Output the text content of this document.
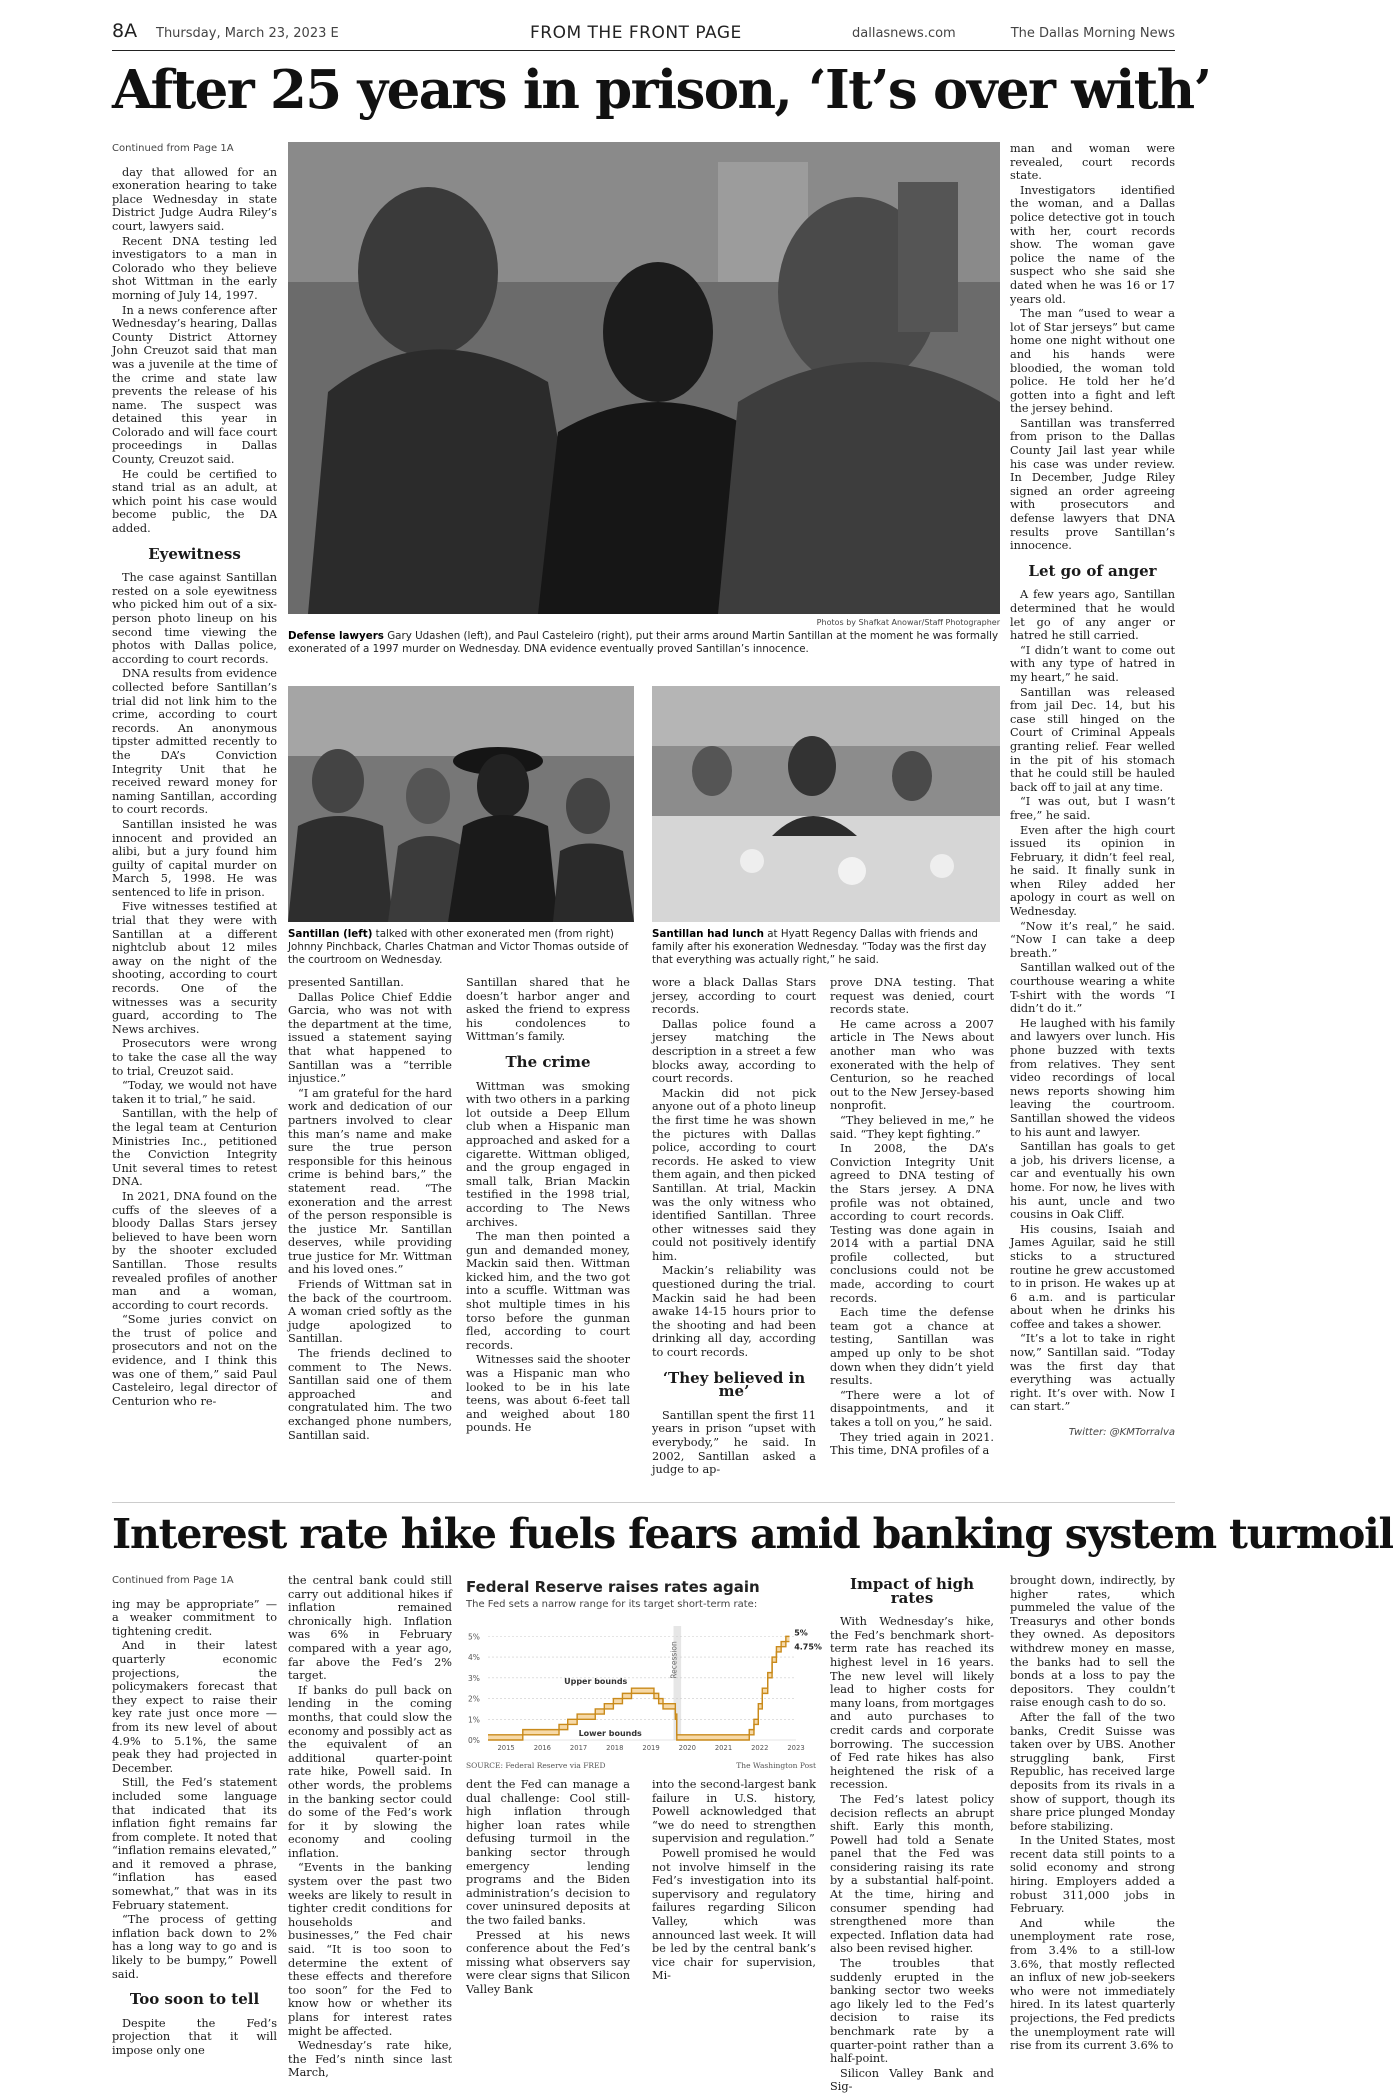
8A Thursday, March 23, 2023 E	FROM THE FRONT PAGE	dallasnews.com	The Dallas Morning News
After 25 years in prison, ‘It’s over with’

Continued from Page 1A

day that allowed for an exoneration hearing to take place Wednesday in state District Judge Audra Riley’s court, lawyers said.

Recent DNA testing led investigators to a man in Colorado who they believe shot Wittman in the early morning of July 14, 1997.

In a news conference after Wednesday’s hearing, Dallas County District Attorney John Creuzot said that man was a juvenile at the time of the crime and state law prevents the release of his name. The suspect was detained this year in Colorado and will face court proceedings in Dallas County, Creuzot said.

He could be certified to stand trial as an adult, at which point his case would become public, the DA added.

Eyewitness

The case against Santillan rested on a sole eyewitness who picked him out of a six-person photo lineup on his second time viewing the photos with Dallas police, according to court records.

DNA results from evidence collected before Santillan’s trial did not link him to the crime, according to court records. An anonymous tipster admitted recently to the DA’s Conviction Integrity Unit that he received reward money for naming Santillan, according to court records.

Santillan insisted he was innocent and provided an alibi, but a jury found him guilty of capital murder on March 5, 1998. He was sentenced to life in prison.

Five witnesses testified at trial that they were with Santillan at a different nightclub about 12 miles away on the night of the shooting, according to court records. One of the witnesses was a security guard, according to The News archives.

Prosecutors were wrong to take the case all the way to trial, Creuzot said.

“Today, we would not have taken it to trial,” he said.

Santillan, with the help of the legal team at Centurion Ministries Inc., petitioned the Conviction Integrity Unit several times to retest DNA.

In 2021, DNA found on the cuffs of the sleeves of a bloody Dallas Stars jersey believed to have been worn by the shooter excluded Santillan. Those results revealed profiles of another man and a woman, according to court records.

“Some juries convict on the trust of police and prosecutors and not on the evidence, and I think this was one of them,” said Paul Casteleiro, legal director of Centurion who re-

Photos by Shafkat Anowar/Staff Photographer
Defense lawyers Gary Udashen (left), and Paul Casteleiro (right), put their arms around Martin Santillan at the moment he was formally exonerated of a 1997 murder on Wednesday. DNA evidence eventually proved Santillan’s innocence.
Santillan (left) talked with other exonerated men (from right) Johnny Pinchback, Charles Chatman and Victor Thomas outside of the courtroom on Wednesday.
Santillan had lunch at Hyatt Regency Dallas with friends and family after his exoneration Wednesday. “Today was the first day that everything was actually right,” he said.

presented Santillan.

Dallas Police Chief Eddie Garcia, who was not with the department at the time, issued a statement saying that what happened to Santillan was a “terrible injustice.”

“I am grateful for the hard work and dedication of our partners involved to clear this man’s name and make sure the true person responsible for this heinous crime is behind bars,” the statement read. “The exoneration and the arrest of the person responsible is the justice Mr. Santillan deserves, while providing true justice for Mr. Wittman and his loved ones.”

Friends of Wittman sat in the back of the courtroom. A woman cried softly as the judge apologized to Santillan.

The friends declined to comment to The News. Santillan said one of them approached and congratulated him. The two exchanged phone numbers, Santillan said.

Santillan shared that he doesn’t harbor anger and asked the friend to express his condolences to Wittman’s family.

The crime

Wittman was smoking with two others in a parking lot outside a Deep Ellum club when a Hispanic man approached and asked for a cigarette. Wittman obliged, and the group engaged in small talk, Brian Mackin testified in the 1998 trial, according to The News archives.

The man then pointed a gun and demanded money, Mackin said then. Wittman kicked him, and the two got into a scuffle. Wittman was shot multiple times in his torso before the gunman fled, according to court records.

Witnesses said the shooter was a Hispanic man who looked to be in his late teens, was about 6-feet tall and weighed about 180 pounds. He

wore a black Dallas Stars jersey, according to court records.

Dallas police found a jersey matching the description in a street a few blocks away, according to court records.

Mackin did not pick anyone out of a photo lineup the first time he was shown the pictures with Dallas police, according to court records. He asked to view them again, and then picked Santillan. At trial, Mackin was the only witness who identified Santillan. Three other witnesses said they could not positively identify him.

Mackin’s reliability was questioned during the trial. Mackin said he had been awake 14-15 hours prior to the shooting and had been drinking all day, according to court records.

‘They believed in me’

Santillan spent the first 11 years in prison “upset with everybody,” he said. In 2002, Santillan asked a judge to ap-

prove DNA testing. That request was denied, court records state.

He came across a 2007 article in The News about another man who was exonerated with the help of Centurion, so he reached out to the New Jersey-based nonprofit.

“They believed in me,” he said. “They kept fighting.”

In 2008, the DA’s Conviction Integrity Unit agreed to DNA testing of the Stars jersey. A DNA profile was not obtained, according to court records. Testing was done again in 2014 with a partial DNA profile collected, but conclusions could not be made, according to court records.

Each time the defense team got a chance at testing, Santillan was amped up only to be shot down when they didn’t yield results.

“There were a lot of disappointments, and it takes a toll on you,” he said.

They tried again in 2021. This time, DNA profiles of a

man and woman were revealed, court records state.

Investigators identified the woman, and a Dallas police detective got in touch with her, court records show. The woman gave police the name of the suspect who she said she dated when he was 16 or 17 years old.

The man “used to wear a lot of Star jerseys” but came home one night without one and his hands were bloodied, the woman told police. He told her he’d gotten into a fight and left the jersey behind.

Santillan was transferred from prison to the Dallas County Jail last year while his case was under review. In December, Judge Riley signed an order agreeing with prosecutors and defense lawyers that DNA results prove Santillan’s innocence.

Let go of anger

A few years ago, Santillan determined that he would let go of any anger or hatred he still carried.

“I didn’t want to come out with any type of hatred in my heart,” he said.

Santillan was released from jail Dec. 14, but his case still hinged on the Court of Criminal Appeals granting relief. Fear welled in the pit of his stomach that he could still be hauled back off to jail at any time.

“I was out, but I wasn’t free,” he said.

Even after the high court issued its opinion in February, it didn’t feel real, he said. It finally sunk in when Riley added her apology in court as well on Wednesday.

“Now it’s real,” he said. “Now I can take a deep breath.”

Santillan walked out of the courthouse wearing a white T-shirt with the words “I didn’t do it.”

He laughed with his family and lawyers over lunch. His phone buzzed with texts from relatives. They sent video recordings of local news reports showing him leaving the courtroom. Santillan showed the videos to his aunt and lawyer.

Santillan has goals to get a job, his drivers license, a car and eventually his own home. For now, he lives with his aunt, uncle and two cousins in Oak Cliff.

His cousins, Isaiah and James Aguilar, said he still sticks to a structured routine he grew accustomed to in prison. He wakes up at 6 a.m. and is particular about when he drinks his coffee and takes a shower.

“It’s a lot to take in right now,” Santillan said. “Today was the first day that everything was actually right. It’s over with. Now I can start.”

Twitter: @KMTorralva

Interest rate hike fuels fears amid banking system turmoil

Continued from Page 1A

ing may be appropriate” — a weaker commitment to tightening credit.

And in their latest quarterly economic projections, the policymakers forecast that they expect to raise their key rate just once more — from its new level of about 4.9% to 5.1%, the same peak they had projected in December.

Still, the Fed’s statement included some language that indicated that its inflation fight remains far from complete. It noted that “inflation remains elevated,” and it removed a phrase, “inflation has eased somewhat,” that was in its February statement.

“The process of getting inflation back down to 2% has a long way to go and is likely to be bumpy,” Powell said.

Too soon to tell

Despite the Fed’s projection that it will impose only one

the central bank could still carry out additional hikes if inflation remained chronically high. Inflation was 6% in February compared with a year ago, far above the Fed’s 2% target.

If banks do pull back on lending in the coming months, that could slow the economy and possibly act as the equivalent of an additional quarter-point rate hike, Powell said. In other words, the problems in the banking sector could do some of the Fed’s work for it by slowing the economy and cooling inflation.

“Events in the banking system over the past two weeks are likely to result in tighter credit conditions for households and businesses,” the Fed chair said. “It is too soon to determine the extent of these effects and therefore too soon” for the Fed to know how or whether its plans for interest rates might be affected.

Wednesday’s rate hike, the Fed’s ninth since last March,

Federal Reserve raises rates again
The Fed sets a narrow range for its target short-term rate:
Recession
0%
1%
2%
3%
4%
5%
2015	2016	2017	2018	2019	2020	2021	2022	2023
Upper bounds
Lower bounds
5%
4.75%
SOURCE: Federal Reserve via FRED	The Washington Post

dent the Fed can manage a dual challenge: Cool still-high inflation through higher loan rates while defusing turmoil in the banking sector through emergency lending programs and the Biden administration’s decision to cover uninsured deposits at the two failed banks.

Pressed at his news conference about the Fed’s missing what observers say were clear signs that Silicon Valley Bank

into the second-largest bank failure in U.S. history, Powell acknowledged that “we do need to strengthen supervision and regulation.”

Powell promised he would not involve himself in the Fed’s investigation into its supervisory and regulatory failures regarding Silicon Valley, which was announced last week. It will be led by the central bank’s vice chair for supervision, Mi-

Impact of high rates

With Wednesday’s hike, the Fed’s benchmark short-term rate has reached its highest level in 16 years. The new level will likely lead to higher costs for many loans, from mortgages and auto purchases to credit cards and corporate borrowing. The succession of Fed rate hikes has also heightened the risk of a recession.

The Fed’s latest policy decision reflects an abrupt shift. Early this month, Powell had told a Senate panel that the Fed was considering raising its rate by a substantial half-point. At the time, hiring and consumer spending had strengthened more than expected. Inflation data had also been revised higher.

The troubles that suddenly erupted in the banking sector two weeks ago likely led to the Fed’s decision to raise its benchmark rate by a quarter-point rather than a half-point.

Silicon Valley Bank and Sig-

brought down, indirectly, by higher rates, which pummeled the value of the Treasurys and other bonds they owned. As depositors withdrew money en masse, the banks had to sell the bonds at a loss to pay the depositors. They couldn’t raise enough cash to do so.

After the fall of the two banks, Credit Suisse was taken over by UBS. Another struggling bank, First Republic, has received large deposits from its rivals in a show of support, though its share price plunged Monday before stabilizing.

In the United States, most recent data still points to a solid economy and strong hiring. Employers added a robust 311,000 jobs in February.

And while the unemployment rate rose, from 3.4% to a still-low 3.6%, that mostly reflected an influx of new job-seekers who were not immediately hired. In its latest quarterly projections, the Fed predicts the unemployment rate will rise from its current 3.6% to
